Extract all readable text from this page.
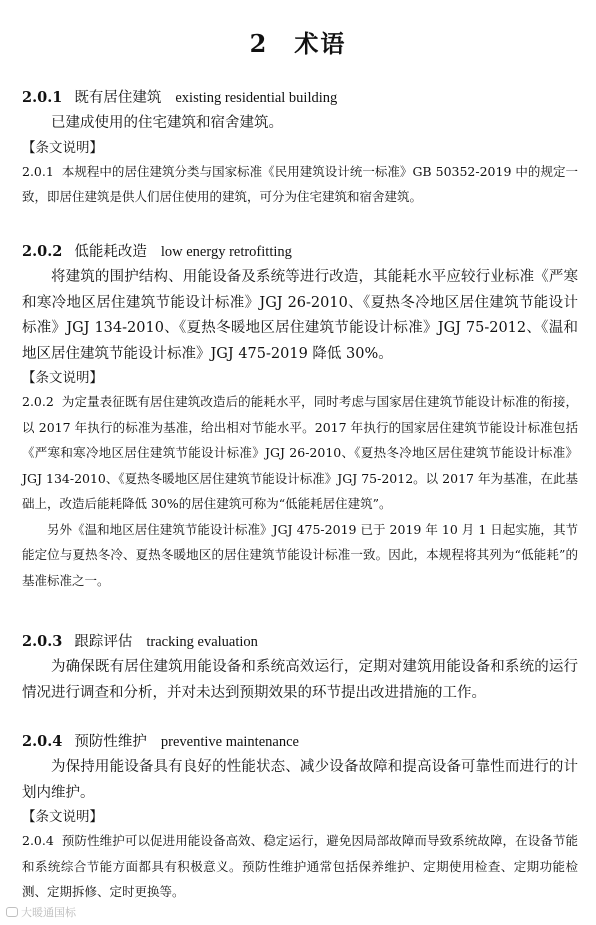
2 术语
2.0.1 既有居住建筑 existing residential building

已建成使用的住宅建筑和宿舍建筑。

【条文说明】

2.0.1 本规程中的居住建筑分类与国家标准《民用建筑设计统一标准》GB 50352-2019 中的规定一致，即居住建筑是供人们居住使用的建筑，可分为住宅建筑和宿舍建筑。

2.0.2 低能耗改造 low energy retrofitting

将建筑的围护结构、用能设备及系统等进行改造，其能耗水平应较行业标准《严寒和寒冷地区居住建筑节能设计标准》JGJ 26-2010、《夏热冬冷地区居住建筑节能设计标准》JGJ 134-2010、《夏热冬暖地区居住建筑节能设计标准》JGJ 75-2012、《温和地区居住建筑节能设计标准》JGJ 475-2019 降低 30%。

【条文说明】

2.0.2 为定量表征既有居住建筑改造后的能耗水平，同时考虑与国家居住建筑节能设计标准的衔接，以 2017 年执行的标准为基准，给出相对节能水平。2017 年执行的国家居住建筑节能设计标准包括《严寒和寒冷地区居住建筑节能设计标准》JGJ 26-2010、《夏热冬冷地区居住建筑节能设计标准》JGJ 134-2010、《夏热冬暖地区居住建筑节能设计标准》JGJ 75-2012。以 2017 年为基准，在此基础上，改造后能耗降低 30%的居住建筑可称为“低能耗居住建筑”。

另外《温和地区居住建筑节能设计标准》JGJ 475-2019 已于 2019 年 10 月 1 日起实施，其节能定位与夏热冬冷、夏热冬暖地区的居住建筑节能设计标准一致。因此，本规程将其列为“低能耗”的基准标准之一。

2.0.3 跟踪评估 tracking evaluation

为确保既有居住建筑用能设备和系统高效运行，定期对建筑用能设备和系统的运行情况进行调查和分析，并对未达到预期效果的环节提出改进措施的工作。

2.0.4 预防性维护 preventive maintenance

为保持用能设备具有良好的性能状态、减少设备故障和提高设备可靠性而进行的计划内维护。

【条文说明】

2.0.4 预防性维护可以促进用能设备高效、稳定运行，避免因局部故障而导致系统故障，在设备节能和系统综合节能方面都具有积极意义。预防性维护通常包括保养维护、定期使用检查、定期功能检测、定期拆修、定时更换等。

大暖通国标
